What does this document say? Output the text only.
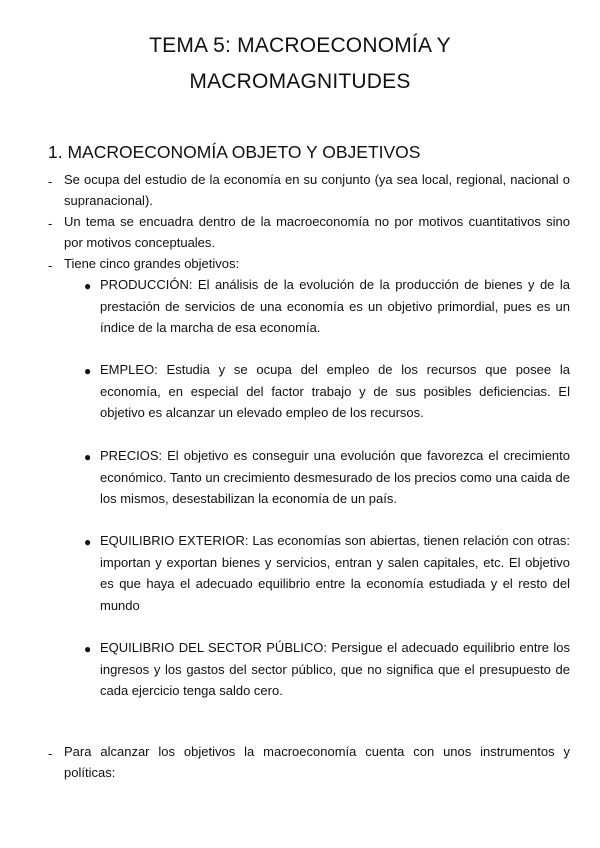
TEMA 5: MACROECONOMÍA Y
MACROMAGNITUDES
1. MACROECONOMÍA OBJETO Y OBJETIVOS
- Se ocupa del estudio de la economía en su conjunto (ya sea local, regional, nacional o supranacional).
- Un tema se encuadra dentro de la macroeconomía no por motivos cuantitativos sino por motivos conceptuales.
- Tiene cinco grandes objetivos:
● PRODUCCIÓN: El análisis de la evolución de la producción de bienes y de la prestación de servicios de una economía es un objetivo primordial, pues es un índice de la marcha de esa economía.
● EMPLEO: Estudia y se ocupa del empleo de los recursos que posee la economía, en especial del factor trabajo y de sus posibles deficiencias. El objetivo es alcanzar un elevado empleo de los recursos.
● PRECIOS: El objetivo es conseguir una evolución que favorezca el crecimiento económico. Tanto un crecimiento desmesurado de los precios como una caida de los mismos, desestabilizan la economía de un país.
● EQUILIBRIO EXTERIOR: Las economías son abiertas, tienen relación con otras: importan y exportan bienes y servicios, entran y salen capitales, etc. El objetivo es que haya el adecuado equilibrio entre la economía estudiada y el resto del mundo
● EQUILIBRIO DEL SECTOR PÚBLICO: Persigue el adecuado equilibrio entre los ingresos y los gastos del sector público, que no significa que el presupuesto de cada ejercicio tenga saldo cero.
- Para alcanzar los objetivos la macroeconomía cuenta con unos instrumentos y políticas:
